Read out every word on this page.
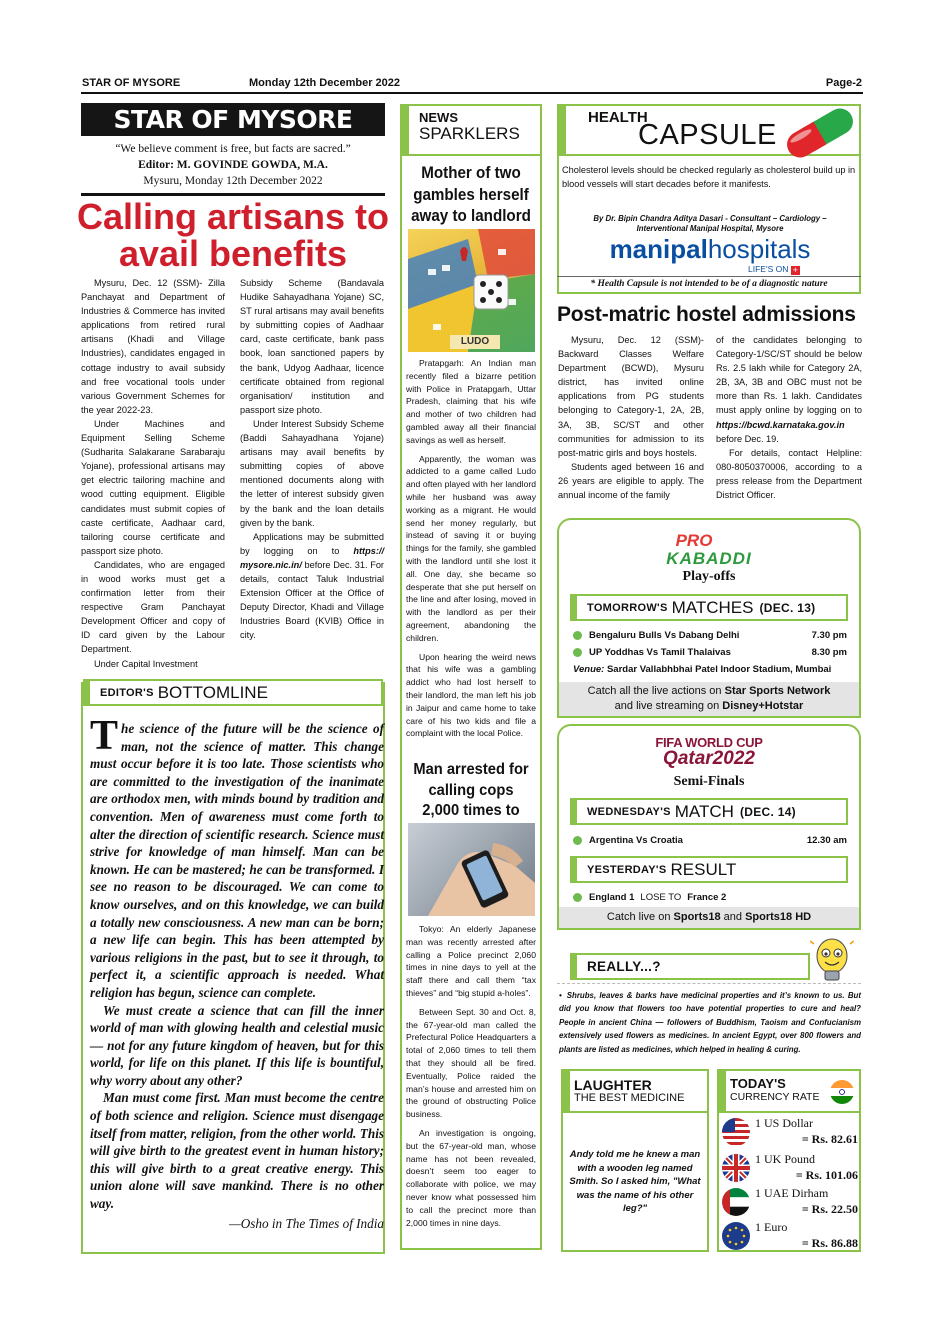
STAR OF MYSORE	Monday 12th December 2022	Page-2
STAR OF MYSORE
“We believe comment is free, but facts are sacred.”
Editor: M. GOVINDE GOWDA, M.A.
Mysuru, Monday 12th December 2022
Calling artisans to avail benefits

Mysuru, Dec. 12 (SSM)- Zilla Panchayat and Department of Industries & Commerce has invited applications from retired rural artisans (Khadi and Village Industries), candidates engaged in cottage industry to avail subsidy and free vocational tools under various Government Schemes for the year 2022-23.

Under Machines and Equipment Selling Scheme (Sudharita Salakarane Sarabaraju Yojane), professional artisans may get electric tailoring machine and wood cutting equipment. Eligible candidates must submit copies of caste certificate, Aadhaar card, tailoring course certificate and passport size photo.

Candidates, who are engaged in wood works must get a confirmation letter from their respective Gram Panchayat Development Officer and copy of ID card given by the Labour Department.

Under Capital Investment

Subsidy Scheme (Bandavala Hudike Sahayadhana Yojane) SC, ST rural artisans may avail benefits by submitting copies of Aadhaar card, caste certificate, bank pass book, loan sanctioned papers by the bank, Udyog Aadhaar, licence certificate obtained from regional organisation/ institution and passport size photo.

Under Interest Subsidy Scheme (Baddi Sahayadhana Yojane) artisans may avail benefits by submitting copies of above mentioned documents along with the letter of interest subsidy given by the bank and the loan details given by the bank.

Applications may be submitted by logging on to https:// mysore.nic.in/ before Dec. 31. For details, contact Taluk Industrial Extension Officer at the Office of Deputy Director, Khadi and Village Industries Board (KVIB) Office in city.

EDITOR'S BOTTOMLINE

The science of the future will be the science of man, not the science of matter. This change must occur before it is too late. Those scientists who are committed to the investigation of the inanimate are orthodox men, with minds bound by tradition and convention. Men of awareness must come forth to alter the direction of scientific research. Science must strive for knowledge of man himself. Man can be known. He can be mastered; he can be transformed. I see no reason to be discouraged. We can come to know ourselves, and on this knowledge, we can build a totally new consciousness. A new man can be born; a new life can begin. This has been attempted by various religions in the past, but to see it through, to perfect it, a scientific approach is needed. What religion has begun, science can complete.

We must create a science that can fill the inner world of man with glowing health and celestial music — not for any future kingdom of heaven, but for this world, for life on this planet. If this life is bountiful, why worry about any other?

Man must come first. Man must become the centre of both science and religion. Science must disengage itself from matter, religion, from the other world. This will give birth to the greatest event in human history; this will give birth to a great creative energy. This union alone will save mankind. There is no other way.

—Osho in The Times of India

NEWS
SPARKLERS
Mother of two gambles herself away to landlord
LUDO

Pratapgarh: An Indian man recently filed a bizarre petition with Police in Pratapgarh, Uttar Pradesh, claiming that his wife and mother of two children had gambled away all their financial savings as well as herself.

Apparently, the woman was addicted to a game called Ludo and often played with her landlord while her husband was away working as a migrant. He would send her money regularly, but instead of saving it or buying things for the family, she gambled with the landlord until she lost it all. One day, she became so desperate that she put herself on the line and after losing, moved in with the landlord as per their agreement, abandoning the children.

Upon hearing the weird news that his wife was a gambling addict who had lost herself to their landlord, the man left his job in Jaipur and came home to take care of his two kids and file a complaint with the local Police.

Man arrested for calling cops 2,000 times to

Tokyo: An elderly Japanese man was recently arrested after calling a Police precinct 2,060 times in nine days to yell at the staff there and call them “tax thieves” and “big stupid a-holes”.

Between Sept. 30 and Oct. 8, the 67-year-old man called the Prefectural Police Headquarters a total of 2,060 times to tell them that they should all be fired. Eventually, Police raided the man’s house and arrested him on the ground of obstructing Police business.

An investigation is ongoing, but the 67-year-old man, whose name has not been revealed, doesn’t seem too eager to collaborate with police, we may never know what possessed him to call the precinct more than 2,000 times in nine days.

HEALTH
CAPSULE
Cholesterol levels should be checked regularly as cholesterol build up in blood vessels will start decades before it manifests.
By Dr. Bipin Chandra Aditya Dasari - Consultant – Cardiology – Interventional Manipal Hospital, Mysore
manipalhospitals
LIFE'S ON +
* Health Capsule is not intended to be of a diagnostic nature
Post-matric hostel admissions

Mysuru, Dec. 12 (SSM)-Backward Classes Welfare Department (BCWD), Mysuru district, has invited online applications from PG students belonging to Category-1, 2A, 2B, 3A, 3B, SC/ST and other communities for admission to its post-matric girls and boys hostels.

Students aged between 16 and 26 years are eligible to apply. The annual income of the family

of the candidates belonging to Category-1/SC/ST should be below Rs. 2.5 lakh while for Category 2A, 2B, 3A, 3B and OBC must not be more than Rs. 1 lakh. Candidates must apply online by logging on to https://bcwd.karnataka.gov.in before Dec. 19.

For details, contact Helpline: 080-8050370006, according to a press release from the Department District Officer.

PRO
KABADDI
Play-offs
TOMORROW'S MATCHES (DEC. 13)
Bengaluru Bulls Vs Dabang Delhi	7.30 pm
UP Yoddhas Vs Tamil Thalaivas	8.30 pm
Venue: Sardar Vallabhbhai Patel Indoor Stadium, Mumbai
Catch all the live actions on Star Sports Network
and live streaming on Disney+Hotstar
FIFA WORLD CUP
Qatar2022
Semi-Finals
WEDNESDAY'S MATCH (DEC. 14)
Argentina Vs Croatia	12.30 am
YESTERDAY'S RESULT
England 1 LOSE TO France 2
Catch live on Sports18 and Sports18 HD
REALLY...?
• Shrubs, leaves & barks have medicinal properties and it’s known to us. But did you know that flowers too have potential properties to cure and heal? People in ancient China — followers of Buddhism, Taoism and Confucianism extensively used flowers as medicines. In ancient Egypt, over 800 flowers and plants are listed as medicines, which helped in healing & curing.
LAUGHTER
THE BEST MEDICINE
Andy told me he knew a man with a wooden leg named Smith. So I asked him, "What was the name of his other leg?"
TODAY'S
CURRENCY RATE
1 US Dollar
= Rs. 82.61
1 UK Pound
= Rs. 101.06
1 UAE Dirham
= Rs. 22.50
1 Euro
= Rs. 86.88
